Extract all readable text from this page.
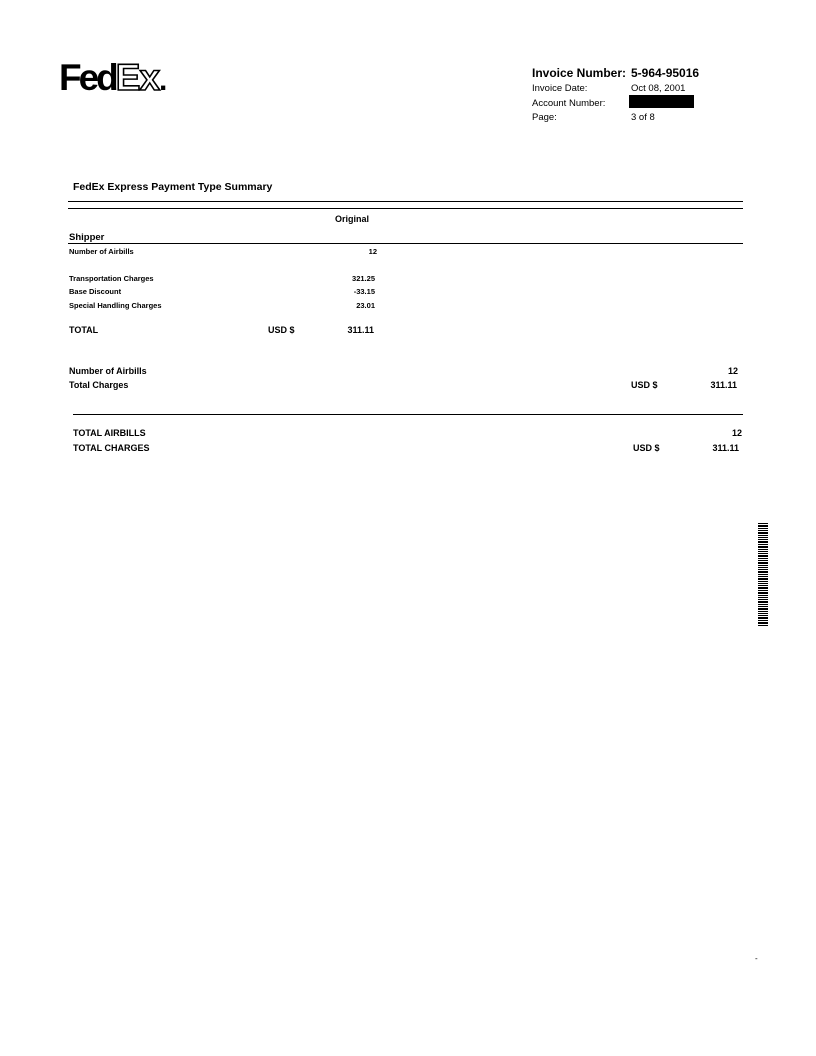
FedEx.	Invoice Number: 5-964-95016
Invoice Date:	Oct 08, 2001
Account Number:
Page:	3 of 8
FedEx Express Payment Type Summary
Original
Shipper
Number of Airbills	12
Transportation Charges	321.25
Base Discount	-33.15
Special Handling Charges	23.01
TOTAL	USD $	311.11
Number of Airbills	12
Total Charges	USD $	311.11
TOTAL AIRBILLS	12
TOTAL CHARGES	USD $	311.11
-
